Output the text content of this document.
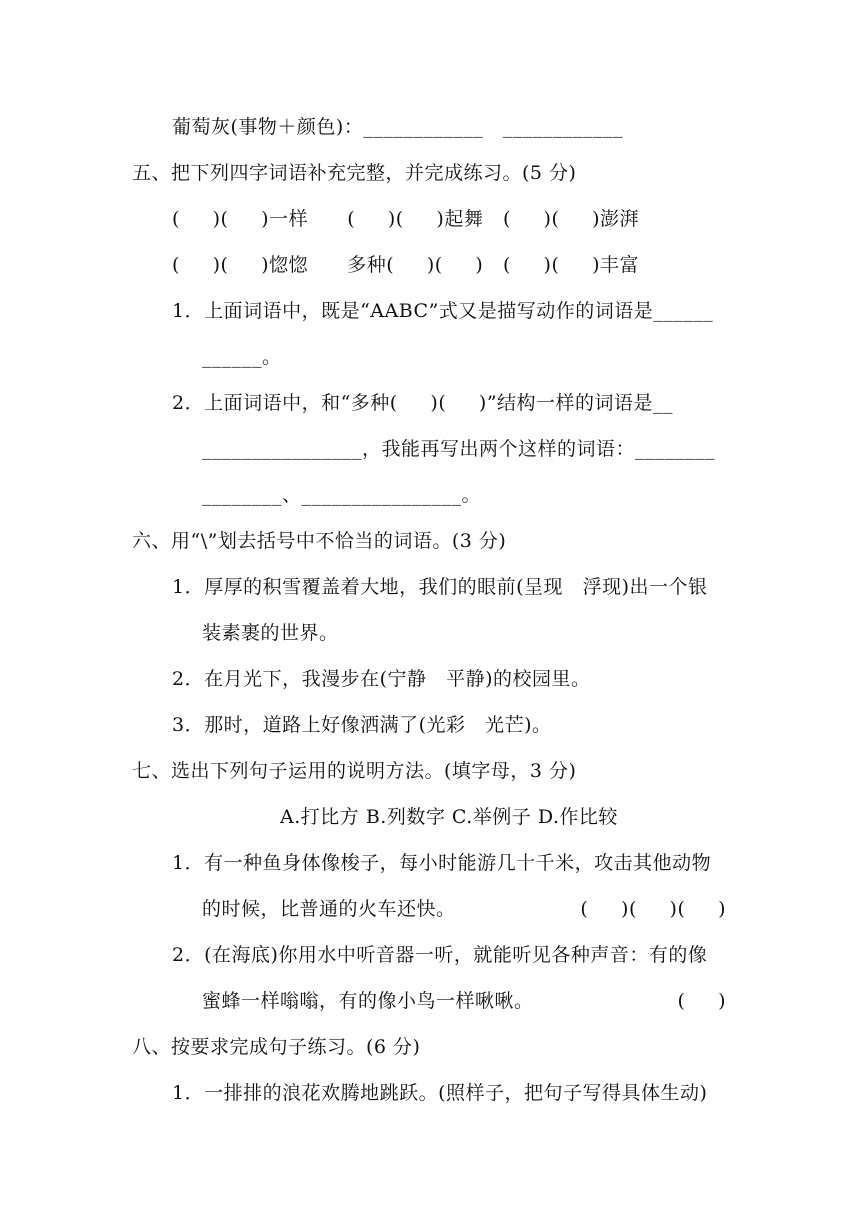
葡萄灰(事物＋颜色)：____________   ____________
五、把下列四字词语补充完整，并完成练习。(5 分)
(     )(     )一样      (     )(     )起舞   (     )(     )澎湃
(     )(     )惚惚      多种(     )(     )   (     )(     )丰富
1．上面词语中，既是“AABC”式又是描写动作的词语是______
______。
2．上面词语中，和“多种(     )(     )”结构一样的词语是__
________________，我能再写出两个这样的词语：________
________、________________。
六、用“\”划去括号中不恰当的词语。(3 分)
1．厚厚的积雪覆盖着大地，我们的眼前(呈现   浮现)出一个银
装素裹的世界。
2．在月光下，我漫步在(宁静   平静)的校园里。
3．那时，道路上好像洒满了(光彩   光芒)。
七、选出下列句子运用的说明方法。(填字母，3 分)
A.打比方 B.列数字 C.举例子 D.作比较
1．有一种鱼身体像梭子，每小时能游几十千米，攻击其他动物
的时候，比普通的火车还快。	(     )(     )(     )
2．(在海底)你用水中听音器一听，就能听见各种声音：有的像
蜜蜂一样嗡嗡，有的像小鸟一样啾啾。	(     )
八、按要求完成句子练习。(6 分)
1．一排排的浪花欢腾地跳跃。(照样子，把句子写得具体生动)
